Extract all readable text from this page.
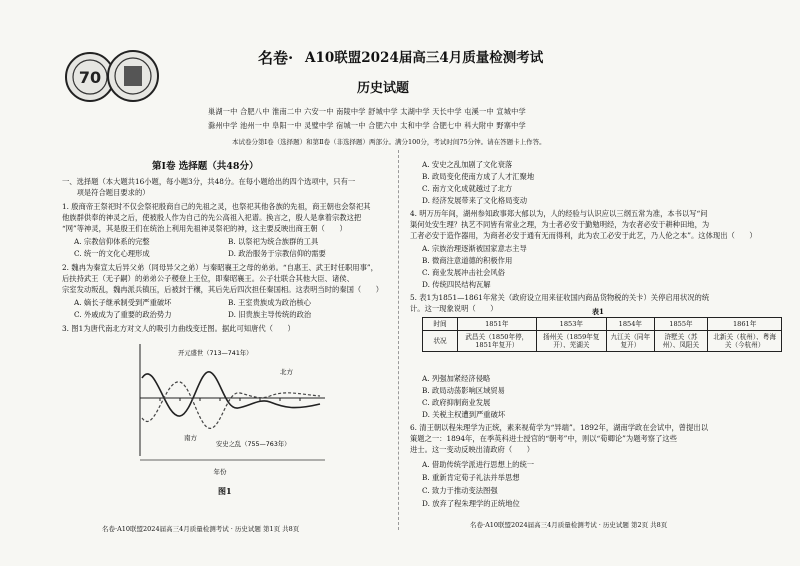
70
名卷· A10联盟2024届高三4月质量检测考试
历史试题
巢湖一中 合肥八中 淮南二中 六安一中 南陵中学 舒城中学 太湖中学 天长中学 屯溪一中 宣城中学
滁州中学 池州一中 阜阳一中 灵璧中学 宿城一中 合肥六中 太和中学 合肥七中 科大附中 野寨中学
本试卷分第Ⅰ卷（选择题）和第Ⅱ卷（非选择题）两部分。满分100分，考试时间75分钟。请在答题卡上作答。
第Ⅰ卷 选择题（共48分）
一、选择题（本大题共16小题，每小题3分，共48分。在每小题给出的四个选项中，只有一
　　项是符合题目要求的）
1. 殷商帝王祭祀时不仅会祭祀殷商自己的先祖之灵，也祭祀其他各族的先祖，商王朝也会祭祀其
他族群供奉的神灵之后，使被殷人作为自己的先公高祖入祀谱。换言之，殷人是拿着宗教这把
“网”等神灵，其是殷王们在统治上利用先祖神灵祭祀的神，这主要反映出商王朝（　　）
A. 宗教信仰体系的完整	B. 以祭祀为统合族群的工具
C. 统一的文化心理形成	D. 政治服务于宗教信仰的需要
2. 魏冉为秦宣太后异父弟（同母异父之弟）与秦昭襄王之母的弟弟。“自惠王、武王时任职用事”，
后扶持武王（无子嗣）的弟弟公子稷登上王位，即秦昭襄王。公子壮联合其他大臣、诸侯、
宗室发动叛乱，魏冉派兵镇压，后被封于穰，其后先后四次担任秦国相。这表明当时的秦国（　　）
A. 嫡长子继承制受到严重破坏	B. 王室贵族成为政治核心
C. 外戚成为了重要的政治势力	D. 旧贵族主导传统的政治
3. 图1为唐代南北方对文人的吸引力曲线变迁图。据此可知唐代（　　）
开元盛世（713—741年）
北方
南方
安史之乱（755—763年）
年份
图1
名卷·A10联盟2024届高三4月质量检测考试 · 历史试题 第1页 共8页
A. 安史之乱加剧了文化衰落
B. 政局变化使南方成了人才汇聚地
C. 南方文化成就越过了北方
D. 经济发展带来了文化格局变动
4. 明万历年间，湖州参知政事郑大郁以为，人的经验与认识应以三纲五常为准，本书以写“问
渠何处安生理？执艺不同皆有常业之理，为士者必安于勤勉明经，为农者必安于耕种田地，为
工者必安于造作器用，为商者必安于通有无而得利，此为农工必安于此艺，乃人伦之本”。这体现出（　　）
A. 宗族治理逐渐被国家意志主导
B. 微商注意道德的积极作用
C. 商业发展冲击社会风俗
D. 传统四民结构瓦解
5. 表1为1851—1861年常关（政府设立用来征收国内商品货物税的关卡）关停启用状况的统
计。这一现象说明（　　）	表1
时间	1851年	1853年	1854年	1855年	1861年
状况	武昌关（1850年停，1851年复开）	扬州关（1859年复开）、芜湖关	九江关（同年复开）	浒墅关（苏州）、凤阳关	北新关（杭州）、粤海关（今杭州）
A. 列强加紧经济侵略
B. 政局动荡影响区域贸易
C. 政府抑制商业发展
D. 关税主权遭到严重破坏
6. 清王朝以程朱理学为正统，素来视荀学为“异端”。1892年，湖南学政在会试中，曾提出以
策题之一：1894年，在季英科进士授官的“朝考”中，则以“荀卿论”为题考察了这些
进士。这一变动反映出清政府（　　）
A. 借助传统学派进行思想上的统一
B. 重新肯定荀子礼法并举思想
C. 致力于推动变法图强
D. 放弃了程朱理学的正统地位
名卷·A10联盟2024届高三4月质量检测考试 · 历史试题 第2页 共8页
